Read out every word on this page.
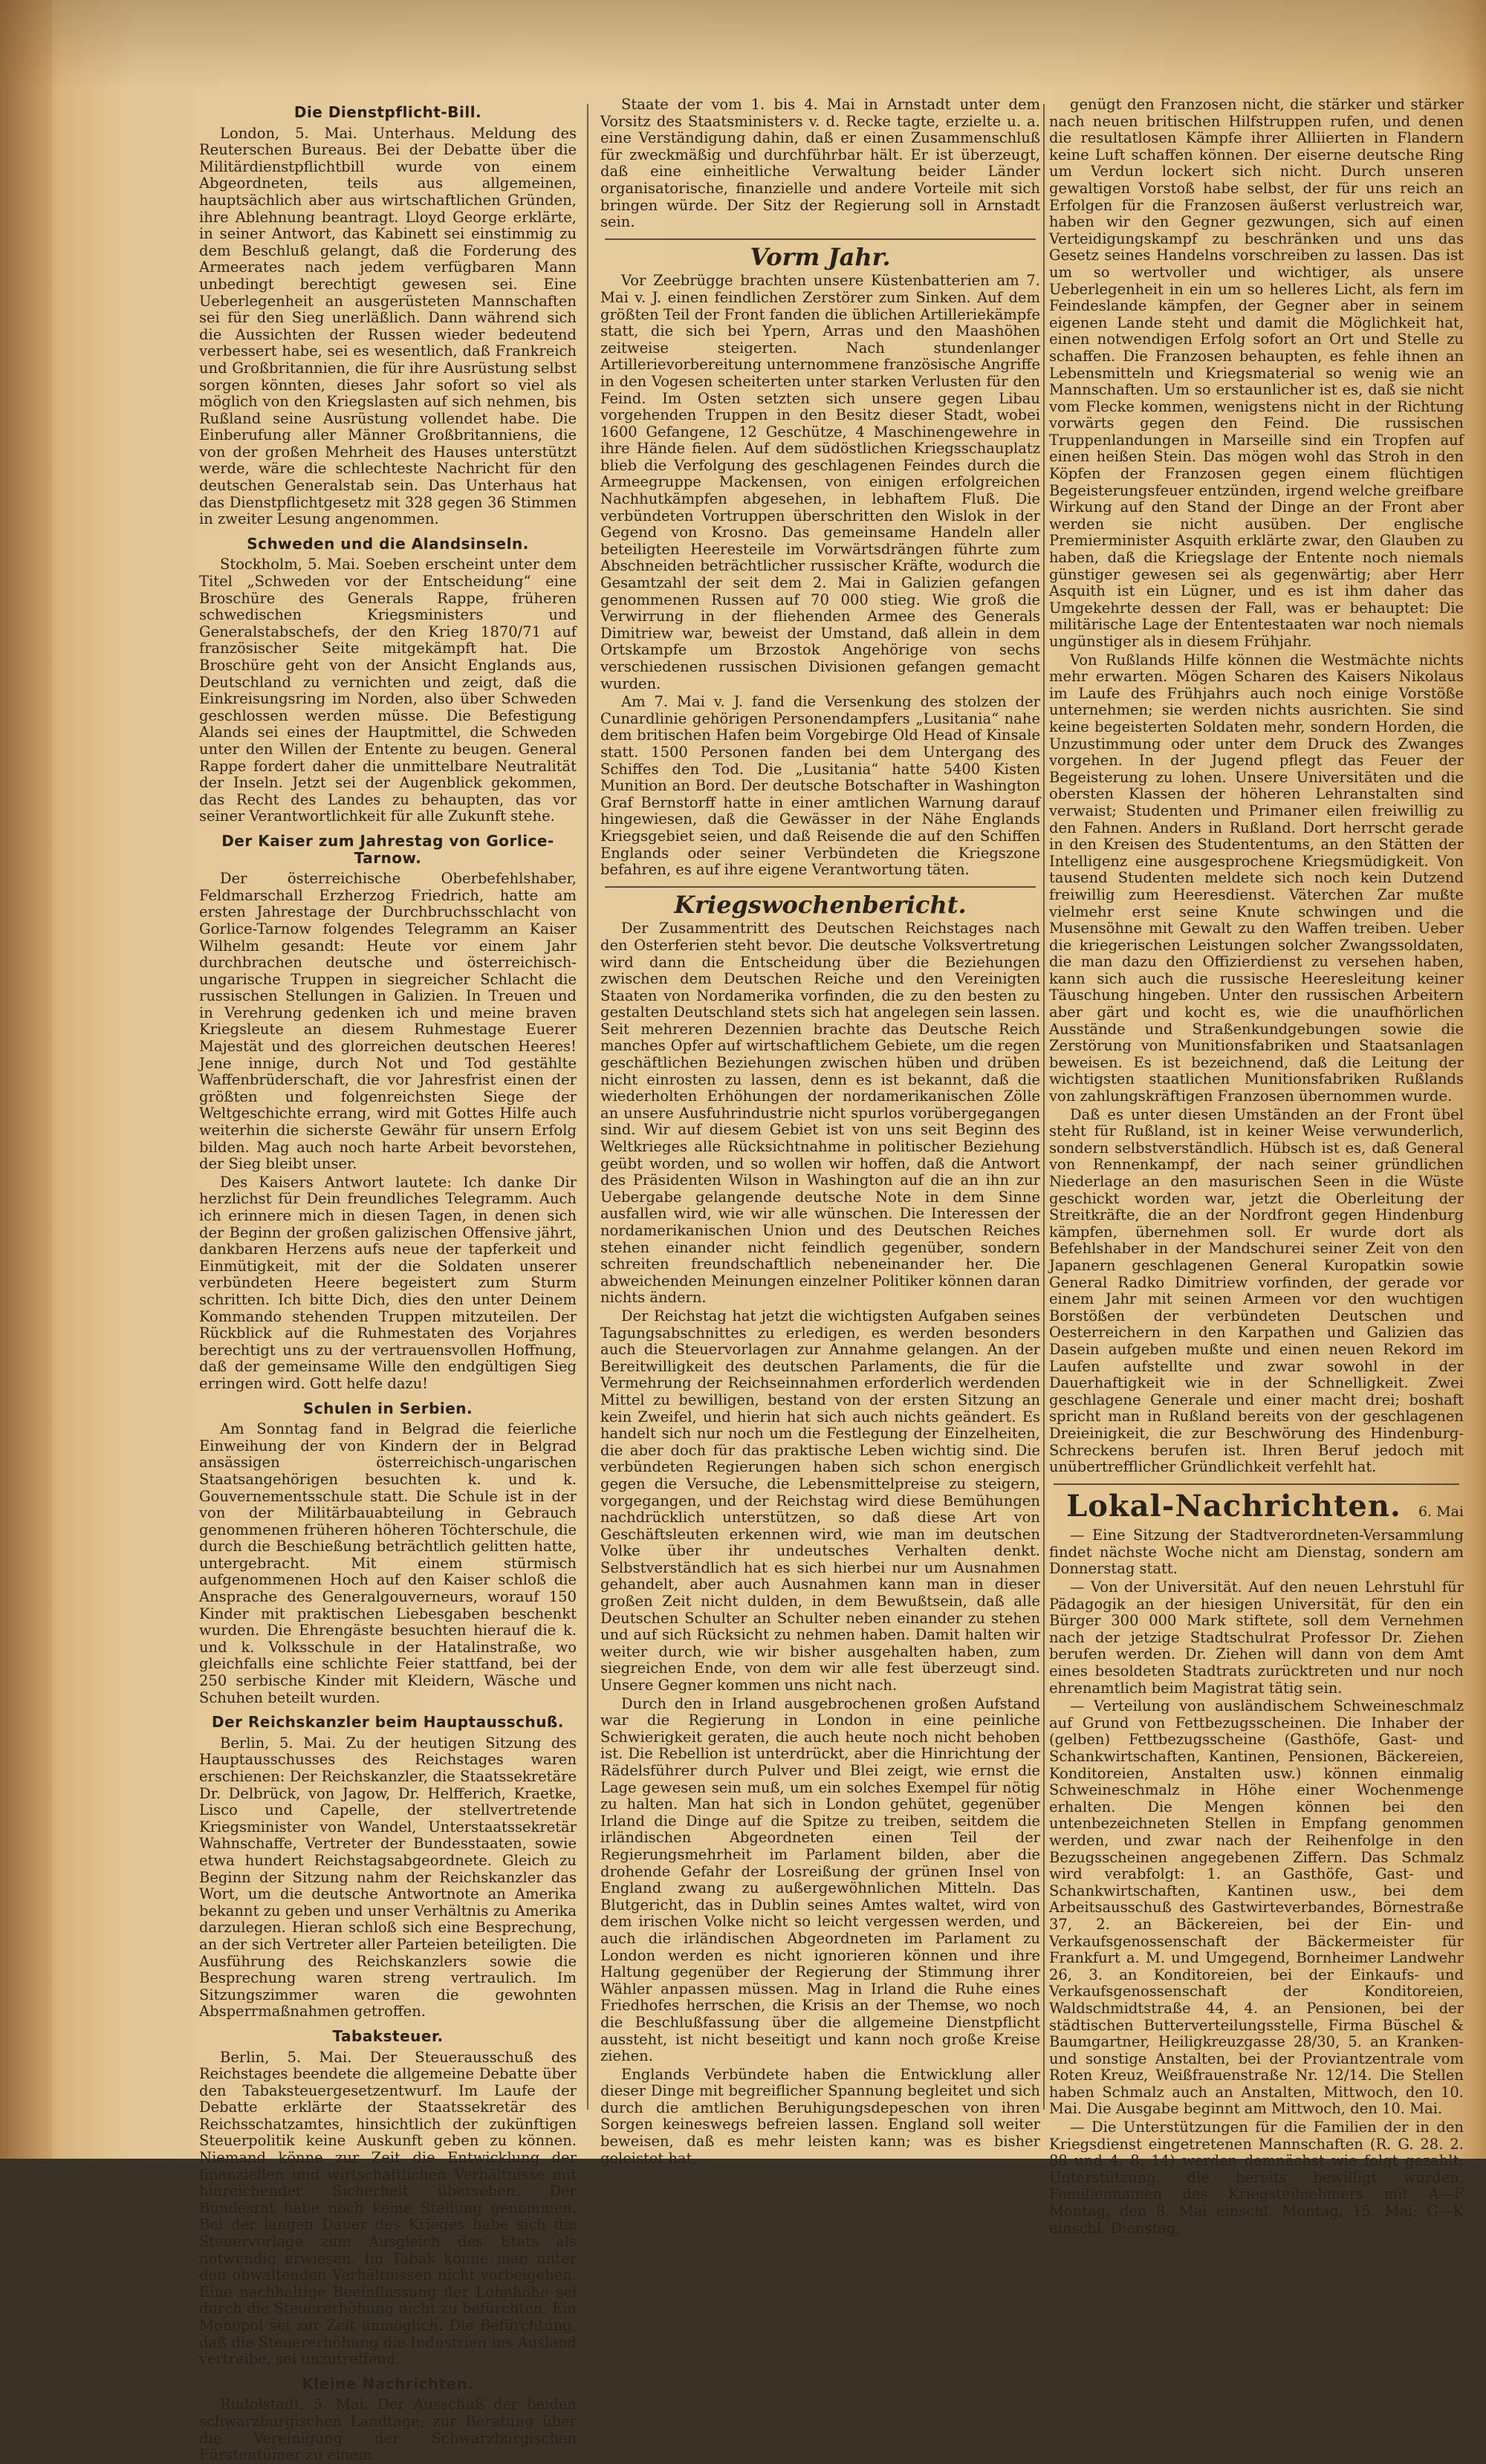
Die Dienstpflicht-Bill.

London, 5. Mai. Unterhaus. Meldung des Reuterschen Bureaus. Bei der Debatte über die Militärdienstpflichtbill wurde von einem Abgeordneten, teils aus allgemeinen, hauptsächlich aber aus wirtschaftlichen Gründen, ihre Ablehnung beantragt. Lloyd George erklärte, in seiner Antwort, das Kabinett sei einstimmig zu dem Beschluß gelangt, daß die Forderung des Armeerates nach jedem verfügbaren Mann unbedingt berechtigt gewesen sei. Eine Ueberlegenheit an ausgerüsteten Mannschaften sei für den Sieg unerläßlich. Dann während sich die Aussichten der Russen wieder bedeutend verbessert habe, sei es wesentlich, daß Frankreich und Großbritannien, die für ihre Ausrüstung selbst sorgen könnten, dieses Jahr sofort so viel als möglich von den Kriegslasten auf sich nehmen, bis Rußland seine Ausrüstung vollendet habe. Die Einberufung aller Männer Großbritanniens, die von der großen Mehrheit des Hauses unterstützt werde, wäre die schlechteste Nachricht für den deutschen Generalstab sein. Das Unterhaus hat das Dienstpflichtgesetz mit 328 gegen 36 Stimmen in zweiter Lesung angenommen.

Schweden und die Alandsinseln.

Stockholm, 5. Mai. Soeben erscheint unter dem Titel „Schweden vor der Entscheidung“ eine Broschüre des Generals Rappe, früheren schwedischen Kriegsministers und Generalstabschefs, der den Krieg 1870/71 auf französischer Seite mitgekämpft hat. Die Broschüre geht von der Ansicht Englands aus, Deutschland zu vernichten und zeigt, daß die Einkreisungsring im Norden, also über Schweden geschlossen werden müsse. Die Befestigung Alands sei eines der Hauptmittel, die Schweden unter den Willen der Entente zu beugen. General Rappe fordert daher die unmittelbare Neutralität der Inseln. Jetzt sei der Augenblick gekommen, das Recht des Landes zu behaupten, das vor seiner Verantwortlichkeit für alle Zukunft stehe.

Der Kaiser zum Jahrestag von Gorlice-Tarnow.

Der österreichische Oberbefehlshaber, Feldmarschall Erzherzog Friedrich, hatte am ersten Jahrestage der Durchbruchsschlacht von Gorlice-Tarnow folgendes Telegramm an Kaiser Wilhelm gesandt: Heute vor einem Jahr durchbrachen deutsche und österreichisch-ungarische Truppen in siegreicher Schlacht die russischen Stellungen in Galizien. In Treuen und in Verehrung gedenken ich und meine braven Kriegsleute an diesem Ruhmestage Euerer Majestät und des glorreichen deutschen Heeres! Jene innige, durch Not und Tod gestählte Waffenbrüderschaft, die vor Jahresfrist einen der größten und folgenreichsten Siege der Weltgeschichte errang, wird mit Gottes Hilfe auch weiterhin die sicherste Gewähr für unsern Erfolg bilden. Mag auch noch harte Arbeit bevorstehen, der Sieg bleibt unser.

Des Kaisers Antwort lautete: Ich danke Dir herzlichst für Dein freundliches Telegramm. Auch ich erinnere mich in diesen Tagen, in denen sich der Beginn der großen galizischen Offensive jährt, dankbaren Herzens aufs neue der tapferkeit und Einmütigkeit, mit der die Soldaten unserer verbündeten Heere begeistert zum Sturm schritten. Ich bitte Dich, dies den unter Deinem Kommando stehenden Truppen mitzuteilen. Der Rückblick auf die Ruhmestaten des Vorjahres berechtigt uns zu der vertrauensvollen Hoffnung, daß der gemeinsame Wille den endgültigen Sieg erringen wird. Gott helfe dazu!

Schulen in Serbien.

Am Sonntag fand in Belgrad die feierliche Einweihung der von Kindern der in Belgrad ansässigen österreichisch-ungarischen Staatsangehörigen besuchten k. und k. Gouvernementsschule statt. Die Schule ist in der von der Militärbauabteilung in Gebrauch genommenen früheren höheren Töchterschule, die durch die Beschießung beträchtlich gelitten hatte, untergebracht. Mit einem stürmisch aufgenommenen Hoch auf den Kaiser schloß die Ansprache des Generalgouverneurs, worauf 150 Kinder mit praktischen Liebesgaben beschenkt wurden. Die Ehrengäste besuchten hierauf die k. und k. Volksschule in der Hatalinstraße, wo gleichfalls eine schlichte Feier stattfand, bei der 250 serbische Kinder mit Kleidern, Wäsche und Schuhen beteilt wurden.

Der Reichskanzler beim Hauptausschuß.

Berlin, 5. Mai. Zu der heutigen Sitzung des Hauptausschusses des Reichstages waren erschienen: Der Reichskanzler, die Staatssekretäre Dr. Delbrück, von Jagow, Dr. Helfferich, Kraetke, Lisco und Capelle, der stellvertretende Kriegsminister von Wandel, Unterstaatssekretär Wahnschaffe, Vertreter der Bundesstaaten, sowie etwa hundert Reichstagsabgeordnete. Gleich zu Beginn der Sitzung nahm der Reichskanzler das Wort, um die deutsche Antwortnote an Amerika bekannt zu geben und unser Verhältnis zu Amerika darzulegen. Hieran schloß sich eine Besprechung, an der sich Vertreter aller Parteien beteiligten. Die Ausführung des Reichskanzlers sowie die Besprechung waren streng vertraulich. Im Sitzungszimmer waren die gewohnten Absperrmaßnahmen getroffen.

Tabaksteuer.

Berlin, 5. Mai. Der Steuerausschuß des Reichstages beendete die allgemeine Debatte über den Tabaksteuergesetzentwurf. Im Laufe der Debatte erklärte der Staatssekretär des Reichsschatzamtes, hinsichtlich der zukünftigen Steuerpolitik keine Auskunft geben zu können. Niemand könne zur Zeit die Entwicklung der finanziellen und wirtschaftlichen Verhältnisse mit hinreichender Sicherheit übersehen. Der Bundesrat habe noch keine Stellung genommen. Bei der langen Dauer des Krieges habe sich die Steuervorlage zum Ausgleich des Etats als notwendig erwiesen. Im Tabak könne man unter den obwaltenden Verhältnissen nicht vorbeigehen. Eine nachhaltige Beeinflussung der Lohnhöhe sei durch die Steuererhöhung nicht zu befürchten. Ein Monopol sei zur Zeit unmöglich. Die Befürchtung, daß die Steuererhöhung die Industrien ins Ausland vertreibe, sei unzutreffend.

Kleine Nachrichten.

Rudolstadt, 5. Mai. Der Ausschuß der beiden schwarzburgischen Landtage, zur Beratung über die Vereinigung der Schwarzburgischen Fürstentümer zu einem

Staate der vom 1. bis 4. Mai in Arnstadt unter dem Vorsitz des Staatsministers v. d. Recke tagte, erzielte u. a. eine Verständigung dahin, daß er einen Zusammenschluß für zweckmäßig und durchführbar hält. Er ist überzeugt, daß eine einheitliche Verwaltung beider Länder organisatorische, finanzielle und andere Vorteile mit sich bringen würde. Der Sitz der Regierung soll in Arnstadt sein.

Vorm Jahr.

Vor Zeebrügge brachten unsere Küstenbatterien am 7. Mai v. J. einen feindlichen Zerstörer zum Sinken. Auf dem größten Teil der Front fanden die üblichen Artilleriekämpfe statt, die sich bei Ypern, Arras und den Maashöhen zeitweise steigerten. Nach stundenlanger Artillerievorbereitung unternommene französische Angriffe in den Vogesen scheiterten unter starken Verlusten für den Feind. Im Osten setzten sich unsere gegen Libau vorgehenden Truppen in den Besitz dieser Stadt, wobei 1600 Gefangene, 12 Geschütze, 4 Maschinengewehre in ihre Hände fielen. Auf dem südöstlichen Kriegsschauplatz blieb die Verfolgung des geschlagenen Feindes durch die Armeegruppe Mackensen, von einigen erfolgreichen Nachhutkämpfen abgesehen, in lebhaftem Fluß. Die verbündeten Vortruppen überschritten den Wislok in der Gegend von Krosno. Das gemeinsame Handeln aller beteiligten Heeresteile im Vorwärtsdrängen führte zum Abschneiden beträchtlicher russischer Kräfte, wodurch die Gesamtzahl der seit dem 2. Mai in Galizien gefangen genommenen Russen auf 70 000 stieg. Wie groß die Verwirrung in der fliehenden Armee des Generals Dimitriew war, beweist der Umstand, daß allein in dem Ortskampfe um Brzostok Angehörige von sechs verschiedenen russischen Divisionen gefangen gemacht wurden.

Am 7. Mai v. J. fand die Versenkung des stolzen der Cunardlinie gehörigen Personendampfers „Lusitania“ nahe dem britischen Hafen beim Vorgebirge Old Head of Kinsale statt. 1500 Personen fanden bei dem Untergang des Schiffes den Tod. Die „Lusitania“ hatte 5400 Kisten Munition an Bord. Der deutsche Botschafter in Washington Graf Bernstorff hatte in einer amtlichen Warnung darauf hingewiesen, daß die Gewässer in der Nähe Englands Kriegsgebiet seien, und daß Reisende die auf den Schiffen Englands oder seiner Verbündeten die Kriegszone befahren, es auf ihre eigene Verantwortung täten.

Kriegswochenbericht.

Der Zusammentritt des Deutschen Reichstages nach den Osterferien steht bevor. Die deutsche Volksvertretung wird dann die Entscheidung über die Beziehungen zwischen dem Deutschen Reiche und den Vereinigten Staaten von Nordamerika vorfinden, die zu den besten zu gestalten Deutschland stets sich hat angelegen sein lassen. Seit mehreren Dezennien brachte das Deutsche Reich manches Opfer auf wirtschaftlichem Gebiete, um die regen geschäftlichen Beziehungen zwischen hüben und drüben nicht einrosten zu lassen, denn es ist bekannt, daß die wiederholten Erhöhungen der nordamerikanischen Zölle an unsere Ausfuhrindustrie nicht spurlos vorübergegangen sind. Wir auf diesem Gebiet ist von uns seit Beginn des Weltkrieges alle Rücksichtnahme in politischer Beziehung geübt worden, und so wollen wir hoffen, daß die Antwort des Präsidenten Wilson in Washington auf die an ihn zur Uebergabe gelangende deutsche Note in dem Sinne ausfallen wird, wie wir alle wünschen. Die Interessen der nordamerikanischen Union und des Deutschen Reiches stehen einander nicht feindlich gegenüber, sondern schreiten freundschaftlich nebeneinander her. Die abweichenden Meinungen einzelner Politiker können daran nichts ändern.

Der Reichstag hat jetzt die wichtigsten Aufgaben seines Tagungsabschnittes zu erledigen, es werden besonders auch die Steuervorlagen zur Annahme gelangen. An der Bereitwilligkeit des deutschen Parlaments, die für die Vermehrung der Reichseinnahmen erforderlich werdenden Mittel zu bewilligen, bestand von der ersten Sitzung an kein Zweifel, und hierin hat sich auch nichts geändert. Es handelt sich nur noch um die Festlegung der Einzelheiten, die aber doch für das praktische Leben wichtig sind. Die verbündeten Regierungen haben sich schon energisch gegen die Versuche, die Lebensmittelpreise zu steigern, vorgegangen, und der Reichstag wird diese Bemühungen nachdrücklich unterstützen, so daß diese Art von Geschäftsleuten erkennen wird, wie man im deutschen Volke über ihr undeutsches Verhalten denkt. Selbstverständlich hat es sich hierbei nur um Ausnahmen gehandelt, aber auch Ausnahmen kann man in dieser großen Zeit nicht dulden, in dem Bewußtsein, daß alle Deutschen Schulter an Schulter neben einander zu stehen und auf sich Rücksicht zu nehmen haben. Damit halten wir weiter durch, wie wir bisher ausgehalten haben, zum siegreichen Ende, von dem wir alle fest überzeugt sind. Unsere Gegner kommen uns nicht nach.

Durch den in Irland ausgebrochenen großen Aufstand war die Regierung in London in eine peinliche Schwierigkeit geraten, die auch heute noch nicht behoben ist. Die Rebellion ist unterdrückt, aber die Hinrichtung der Rädelsführer durch Pulver und Blei zeigt, wie ernst die Lage gewesen sein muß, um ein solches Exempel für nötig zu halten. Man hat sich in London gehütet, gegenüber Irland die Dinge auf die Spitze zu treiben, seitdem die irländischen Abgeordneten einen Teil der Regierungsmehrheit im Parlament bilden, aber die drohende Gefahr der Losreißung der grünen Insel von England zwang zu außergewöhnlichen Mitteln. Das Blutgericht, das in Dublin seines Amtes waltet, wird von dem irischen Volke nicht so leicht vergessen werden, und auch die irländischen Abgeordneten im Parlament zu London werden es nicht ignorieren können und ihre Haltung gegenüber der Regierung der Stimmung ihrer Wähler anpassen müssen. Mag in Irland die Ruhe eines Friedhofes herrschen, die Krisis an der Themse, wo noch die Beschlußfassung über die allgemeine Dienstpflicht aussteht, ist nicht beseitigt und kann noch große Kreise ziehen.

Englands Verbündete haben die Entwicklung aller dieser Dinge mit begreiflicher Spannung begleitet und sich durch die amtlichen Beruhigungsdepeschen von ihren Sorgen keineswegs befreien lassen. England soll weiter beweisen, daß es mehr leisten kann; was es bisher geleistet hat,

genügt den Franzosen nicht, die stärker und stärker nach neuen britischen Hilfstruppen rufen, und denen die resultatlosen Kämpfe ihrer Alliierten in Flandern keine Luft schaffen können. Der eiserne deutsche Ring um Verdun lockert sich nicht. Durch unseren gewaltigen Vorstoß habe selbst, der für uns reich an Erfolgen für die Franzosen äußerst verlustreich war, haben wir den Gegner gezwungen, sich auf einen Verteidigungskampf zu beschränken und uns das Gesetz seines Handelns vorschreiben zu lassen. Das ist um so wertvoller und wichtiger, als unsere Ueberlegenheit in ein um so helleres Licht, als fern im Feindeslande kämpfen, der Gegner aber in seinem eigenen Lande steht und damit die Möglichkeit hat, einen notwendigen Erfolg sofort an Ort und Stelle zu schaffen. Die Franzosen behaupten, es fehle ihnen an Lebensmitteln und Kriegsmaterial so wenig wie an Mannschaften. Um so erstaunlicher ist es, daß sie nicht vom Flecke kommen, wenigstens nicht in der Richtung vorwärts gegen den Feind. Die russischen Truppenlandungen in Marseille sind ein Tropfen auf einen heißen Stein. Das mögen wohl das Stroh in den Köpfen der Franzosen gegen einem flüchtigen Begeisterungsfeuer entzünden, irgend welche greifbare Wirkung auf den Stand der Dinge an der Front aber werden sie nicht ausüben. Der englische Premierminister Asquith erklärte zwar, den Glauben zu haben, daß die Kriegslage der Entente noch niemals günstiger gewesen sei als gegenwärtig; aber Herr Asquith ist ein Lügner, und es ist ihm daher das Umgekehrte dessen der Fall, was er behauptet: Die militärische Lage der Ententestaaten war noch niemals ungünstiger als in diesem Frühjahr.

Von Rußlands Hilfe können die Westmächte nichts mehr erwarten. Mögen Scharen des Kaisers Nikolaus im Laufe des Frühjahrs auch noch einige Vorstöße unternehmen; sie werden nichts ausrichten. Sie sind keine begeisterten Soldaten mehr, sondern Horden, die Unzustimmung oder unter dem Druck des Zwanges vorgehen. In der Jugend pflegt das Feuer der Begeisterung zu lohen. Unsere Universitäten und die obersten Klassen der höheren Lehranstalten sind verwaist; Studenten und Primaner eilen freiwillig zu den Fahnen. Anders in Rußland. Dort herrscht gerade in den Kreisen des Studententums, an den Stätten der Intelligenz eine ausgesprochene Kriegsmüdigkeit. Von tausend Studenten meldete sich noch kein Dutzend freiwillig zum Heeresdienst. Väterchen Zar mußte vielmehr erst seine Knute schwingen und die Musensöhne mit Gewalt zu den Waffen treiben. Ueber die kriegerischen Leistungen solcher Zwangssoldaten, die man dazu den Offizierdienst zu versehen haben, kann sich auch die russische Heeresleitung keiner Täuschung hingeben. Unter den russischen Arbeitern aber gärt und kocht es, wie die unaufhörlichen Ausstände und Straßenkundgebungen sowie die Zerstörung von Munitionsfabriken und Staatsanlagen beweisen. Es ist bezeichnend, daß die Leitung der wichtigsten staatlichen Munitionsfabriken Rußlands von zahlungskräftigen Franzosen übernommen wurde.

Daß es unter diesen Umständen an der Front übel steht für Rußland, ist in keiner Weise verwunderlich, sondern selbstverständlich. Hübsch ist es, daß General von Rennenkampf, der nach seiner gründlichen Niederlage an den masurischen Seen in die Wüste geschickt worden war, jetzt die Oberleitung der Streitkräfte, die an der Nordfront gegen Hindenburg kämpfen, übernehmen soll. Er wurde dort als Befehlshaber in der Mandschurei seiner Zeit von den Japanern geschlagenen General Kuropatkin sowie General Radko Dimitriew vorfinden, der gerade vor einem Jahr mit seinen Armeen vor den wuchtigen Borstößen der verbündeten Deutschen und Oesterreichern in den Karpathen und Galizien das Dasein aufgeben mußte und einen neuen Rekord im Laufen aufstellte und zwar sowohl in der Dauerhaftigkeit wie in der Schnelligkeit. Zwei geschlagene Generale und einer macht drei; boshaft spricht man in Rußland bereits von der geschlagenen Dreieinigkeit, die zur Beschwörung des Hindenburg-Schreckens berufen ist. Ihren Beruf jedoch mit unübertrefflicher Gründlichkeit verfehlt hat.

Lokal-Nachrichten.	6. Mai

— Eine Sitzung der Stadtverordneten-Versammlung findet nächste Woche nicht am Dienstag, sondern am Donnerstag statt.

— Von der Universität. Auf den neuen Lehrstuhl für Pädagogik an der hiesigen Universität, für den ein Bürger 300 000 Mark stiftete, soll dem Vernehmen nach der jetzige Stadtschulrat Professor Dr. Ziehen berufen werden. Dr. Ziehen will dann von dem Amt eines besoldeten Stadtrats zurücktreten und nur noch ehrenamtlich beim Magistrat tätig sein.

— Verteilung von ausländischem Schweineschmalz auf Grund von Fettbezugsscheinen. Die Inhaber der (gelben) Fettbezugsscheine (Gasthöfe, Gast- und Schankwirtschaften, Kantinen, Pensionen, Bäckereien, Konditoreien, Anstalten usw.) können einmalig Schweineschmalz in Höhe einer Wochenmenge erhalten. Die Mengen können bei den untenbezeichneten Stellen in Empfang genommen werden, und zwar nach der Reihenfolge in den Bezugsscheinen angegebenen Ziffern. Das Schmalz wird verabfolgt: 1. an Gasthöfe, Gast- und Schankwirtschaften, Kantinen usw., bei dem Arbeitsausschuß des Gastwirteverbandes, Börnestraße 37, 2. an Bäckereien, bei der Ein- und Verkaufsgenossenschaft der Bäckermeister für Frankfurt a. M. und Umgegend, Bornheimer Landwehr 26, 3. an Konditoreien, bei der Einkaufs- und Verkaufsgenossenschaft der Konditoreien, Waldschmidtstraße 44, 4. an Pensionen, bei der städtischen Butterverteilungsstelle, Firma Büschel & Baumgartner, Heiligkreuzgasse 28/30, 5. an Kranken- und sonstige Anstalten, bei der Proviantzentrale vom Roten Kreuz, Weißfrauenstraße Nr. 12/14. Die Stellen haben Schmalz auch an Anstalten, Mittwoch, den 10. Mai. Die Ausgabe beginnt am Mittwoch, den 10. Mai.

— Die Unterstützungen für die Familien der in den Kriegsdienst eingetretenen Mannschaften (R. G. 28. 2. 88 und 4. 8. 14) werden demnächst wie folgt gezahlt: Unterstützung, die bereits bewilligt wurden, Familiennamen des Kriegsteilnehmers mit A—F Montag, den 8. Mai einschl. Montag, 15. Mai; G—K einschl. Dienstag,
